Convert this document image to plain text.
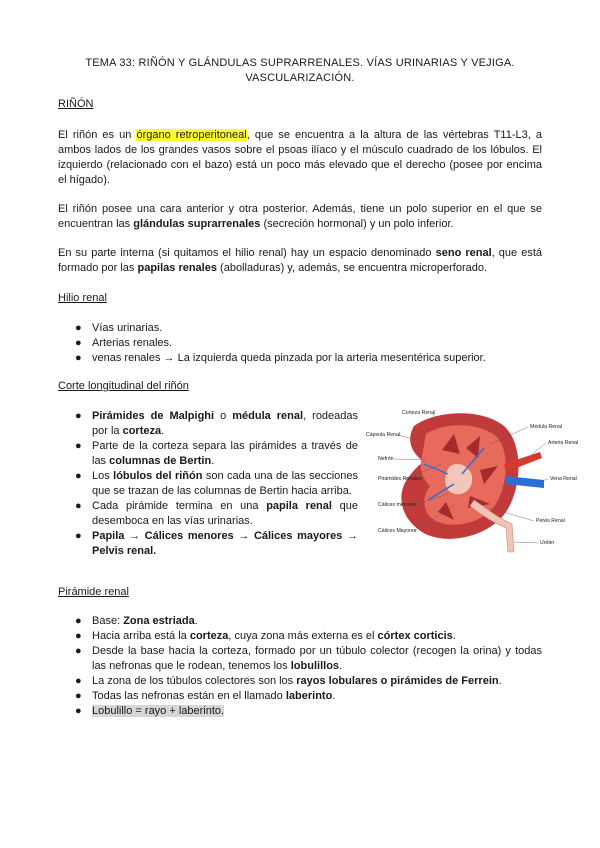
TEMA 33: RIÑÓN Y GLÁNDULAS SUPRARRENALES. VÍAS URINARIAS Y VEJIGA.
VASCULARIZACIÓN.
RIÑÓN
El riñón es un órgano retroperitoneal, que se encuentra a la altura de las vértebras T11-L3, a ambos lados de los grandes vasos sobre el psoas ilíaco y el músculo cuadrado de los lóbulos. El izquierdo (relacionado con el bazo) está un poco más elevado que el derecho (posee por encima el hígado).
El riñón posee una cara anterior y otra posterior. Además, tiene un polo superior en el que se encuentran las glándulas suprarrenales (secreción hormonal) y un polo inferior.
En su parte interna (si quitamos el hilio renal) hay un espacio denominado seno renal, que está formado por las papilas renales (abolladuras) y, además, se encuentra microperforado.
Hilio renal
● Vías urinarias.
● Arterias renales.
● venas renales → La izquierda queda pinzada por la arteria mesentérica superior.
Corte longitudinal del riñón
● Pirámides de Malpighi o médula renal, rodeadas por la corteza.
● Parte de la corteza separa las pirámides a través de las columnas de Bertin.
● Los lóbulos del riñón son cada una de las secciones que se trazan de las columnas de Bertin hacia arriba.
● Cada pirámide termina en una papila renal que desemboca en las vías urinarias.
● Papila → Cálices menores → Cálices mayores → Pelvis renal.
Corteza Renal
Cápsula Renal
Nefrón
Pirámides Renales
Cálices menores
Cálices Mayores
Médula Renal
Arteria Renal
Vena Renal
Pelvis Renal
Uréter
Pirámide renal
● Base: Zona estriada.
● Hacia arriba está la corteza, cuya zona más externa es el córtex corticis.
● Desde la base hacia la corteza, formado por un túbulo colector (recogen la orina) y todas las nefronas que le rodean, tenemos los lobulillos.
● La zona de los túbulos colectores son los rayos lobulares o pirámides de Ferrein.
● Todas las nefronas están en el llamado laberinto.
● Lobulillo = rayo + laberinto.
